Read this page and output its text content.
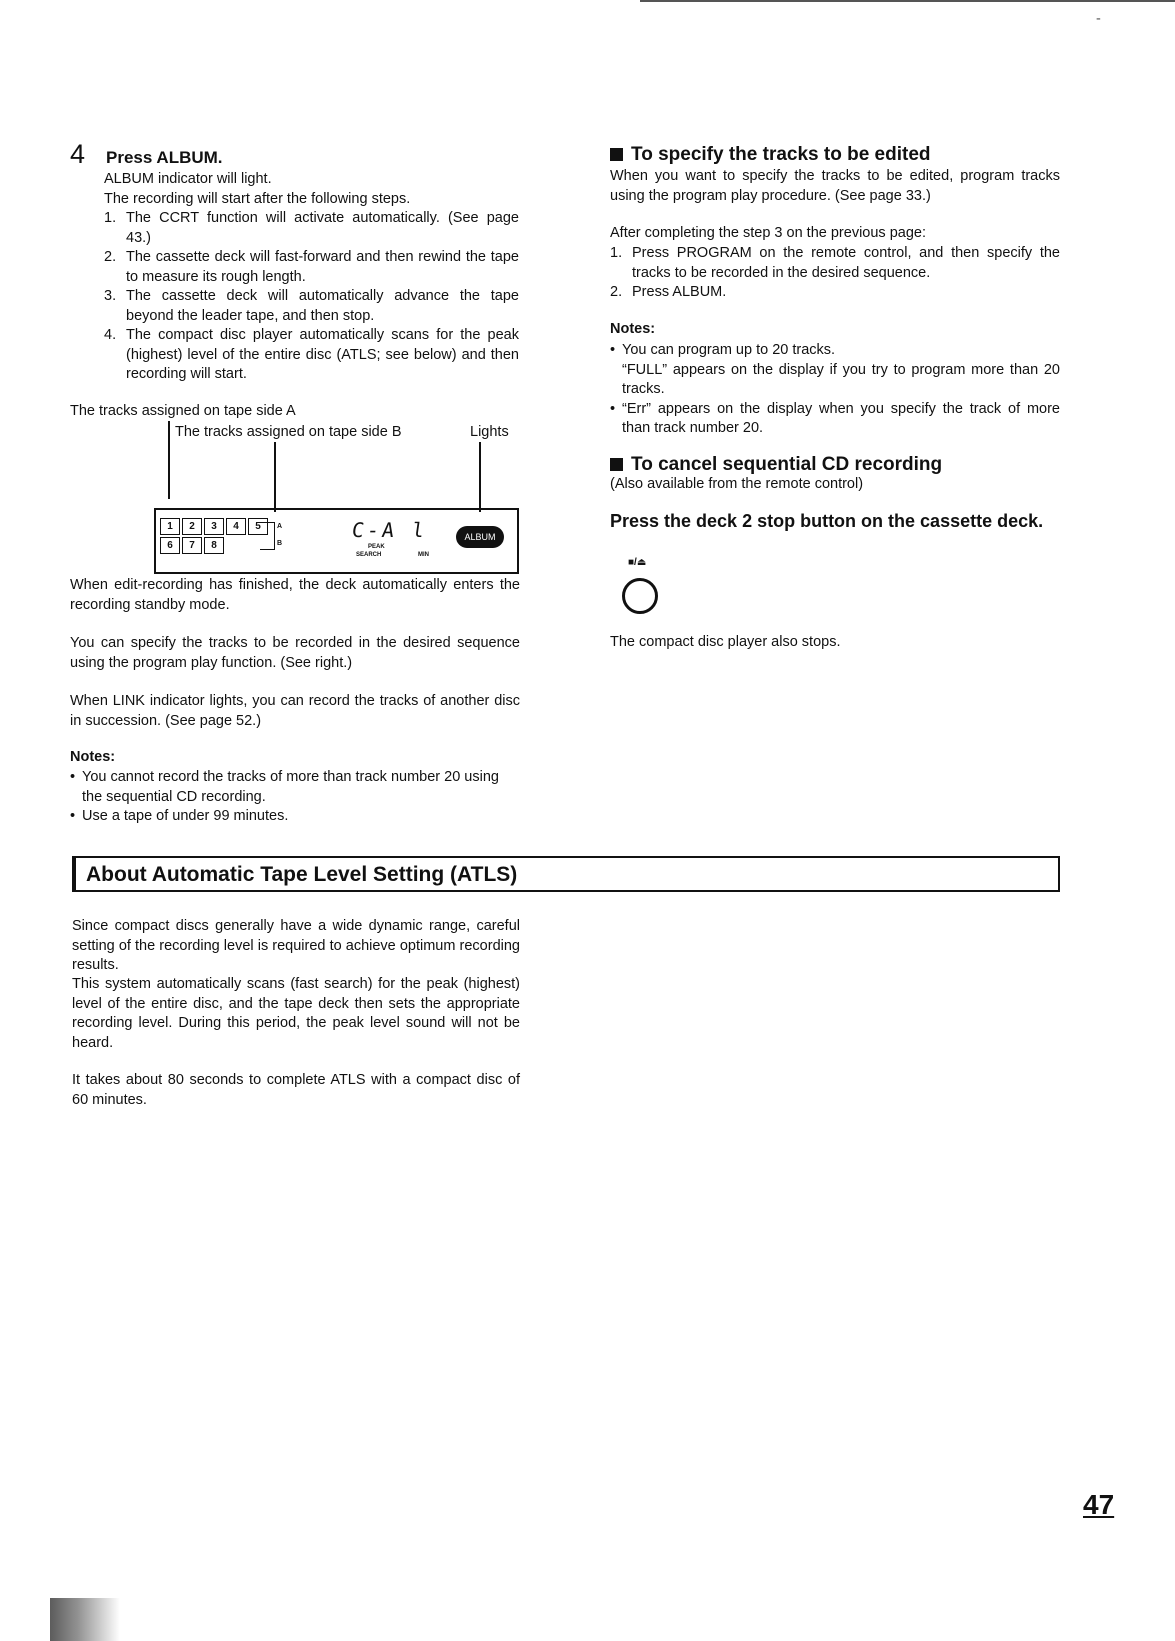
-
4 Press ALBUM.
ALBUM indicator will light.
The recording will start after the following steps.
1. The CCRT function will activate automatically. (See page 43.)
2. The cassette deck will fast-forward and then rewind the tape to measure its rough length.
3. The cassette deck will automatically advance the tape beyond the leader tape, and then stop.
4. The compact disc player automatically scans for the peak (highest) level of the entire disc (ATLS; see below) and then recording will start.
The tracks assigned on tape side A
The tracks assigned on tape side B	Lights
1	2	3	4	5
6	7	8
A
B
C-A l
PEAK
SEARCH	MIN
ALBUM
When edit-recording has finished, the deck automatically enters the recording standby mode.
You can specify the tracks to be recorded in the desired sequence using the program play function. (See right.)
When LINK indicator lights, you can record the tracks of another disc in succession. (See page 52.)
Notes:
• You cannot record the tracks of more than track number 20 using the sequential CD recording.
• Use a tape of under 99 minutes.
To specify the tracks to be edited
When you want to specify the tracks to be edited, program tracks using the program play procedure. (See page 33.)
After completing the step 3 on the previous page:
1. Press PROGRAM on the remote control, and then specify the tracks to be recorded in the desired sequence.
2. Press ALBUM.
Notes:
• You can program up to 20 tracks.
“FULL” appears on the display if you try to program more than 20 tracks.
• “Err” appears on the display when you specify the track of more than track number 20.
To cancel sequential CD recording
(Also available from the remote control)
Press the deck 2 stop button on the cassette deck.
■/⏏
The compact disc player also stops.
About Automatic Tape Level Setting (ATLS)
Since compact discs generally have a wide dynamic range, careful setting of the recording level is required to achieve optimum recording results.
This system automatically scans (fast search) for the peak (highest) level of the entire disc, and the tape deck then sets the appropriate recording level. During this period, the peak level sound will not be heard.
It takes about 80 seconds to complete ATLS with a compact disc of 60 minutes.
47
